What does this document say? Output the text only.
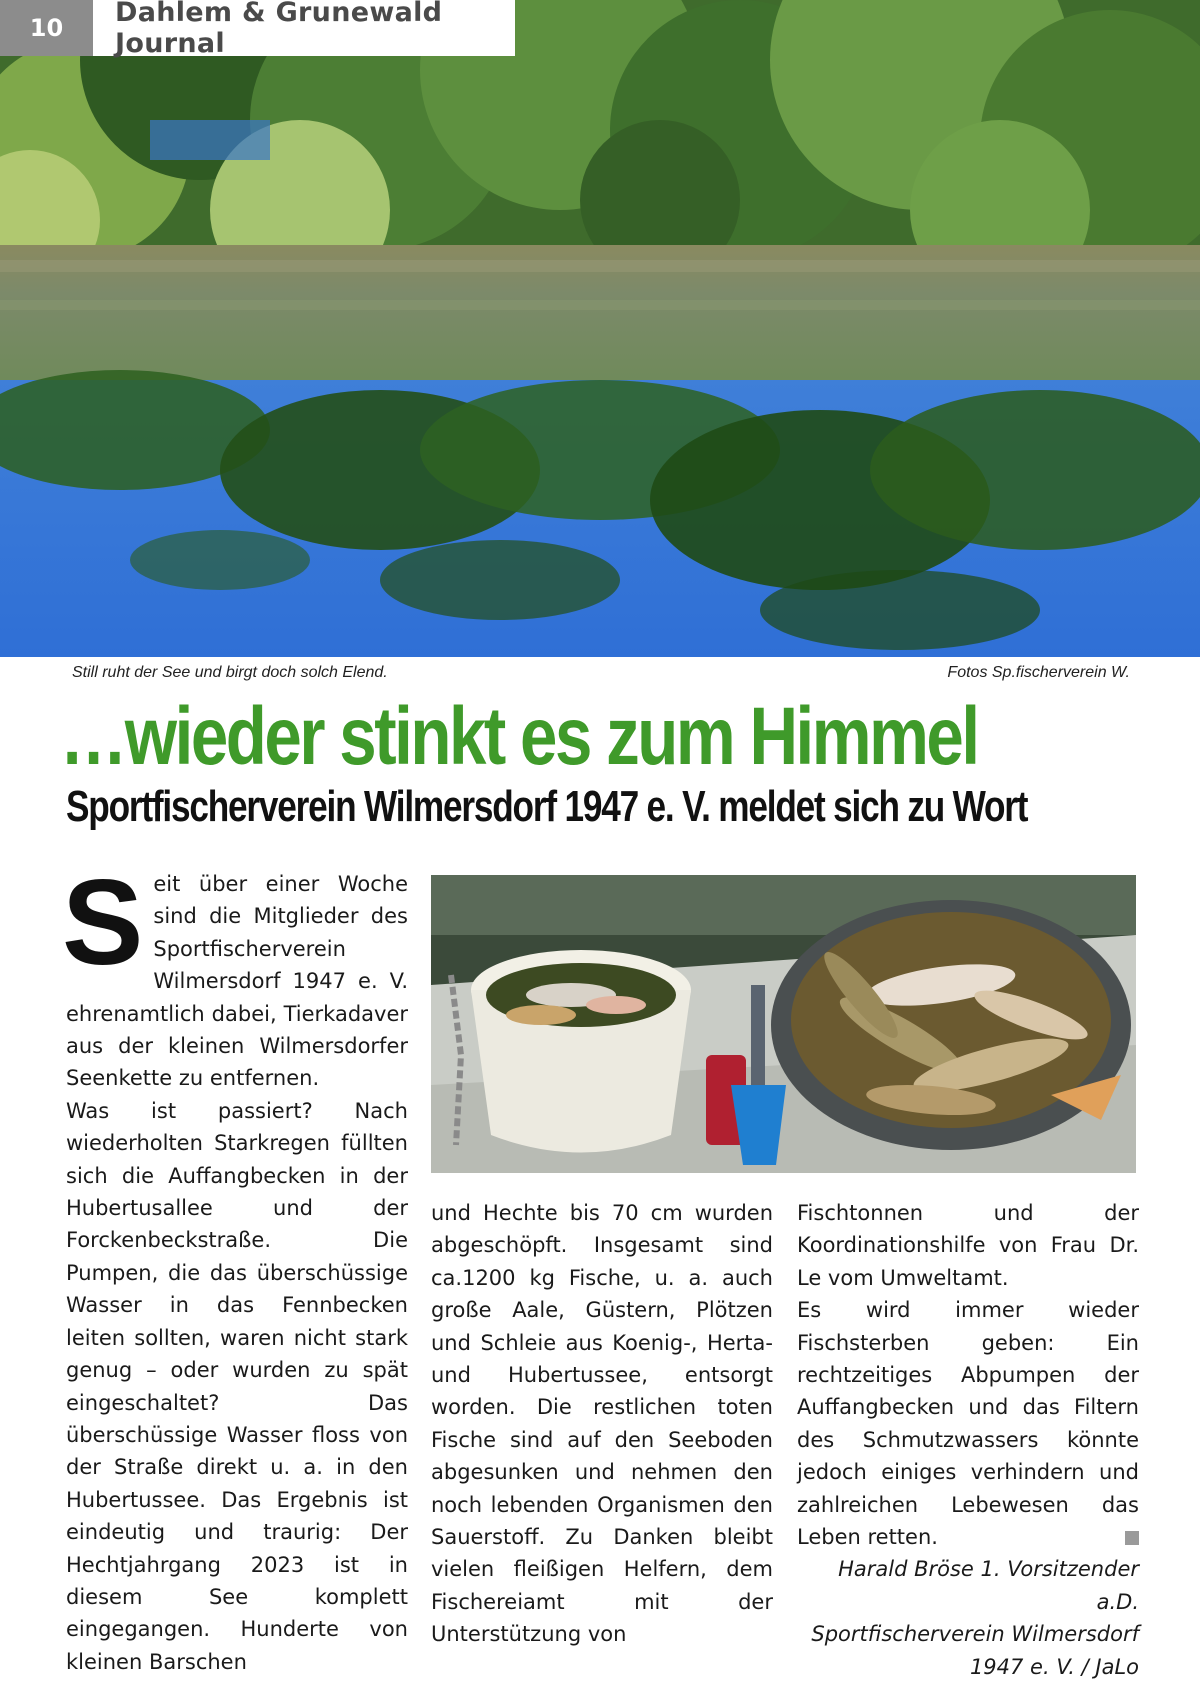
10	Dahlem & Grunewald Journal
Still ruht der See und birgt doch solch Elend.	Fotos Sp.fischerverein W.
…wieder stinkt es zum Himmel
Sportfischerverein Wilmersdorf 1947 e. V. meldet sich zu Wort

Seit über einer Woche sind die Mitglieder des Sportfischerverein Wilmersdorf 1947 e. V. ehrenamtlich dabei, Tierkadaver aus der kleinen Wilmersdorfer Seenkette zu entfernen.

Was ist passiert? Nach wiederholten Starkregen füllten sich die Auffangbecken in der Hubertusallee und der Forckenbeckstraße. Die Pumpen, die das überschüssige Wasser in das Fennbecken leiten sollten, waren nicht stark genug – oder wurden zu spät eingeschaltet? Das überschüssige Wasser floss von der Straße direkt u. a. in den Hubertussee. Das Ergebnis ist eindeutig und traurig: Der Hechtjahrgang 2023 ist in diesem See komplett eingegangen. Hunderte von kleinen Barschen

und Hechte bis 70 cm wurden abgeschöpft. Insgesamt sind ca.1200 kg Fische, u. a. auch große Aale, Güstern, Plötzen und Schleie aus Koenig-, Herta- und Hubertussee, entsorgt worden. Die restlichen toten Fische sind auf den Seeboden abgesunken und nehmen den noch lebenden Organismen den Sauerstoff. Zu Danken bleibt vielen fleißigen Helfern, dem Fischereiamt mit der Unterstützung von

Fischtonnen und der Koordinationshilfe von Frau Dr. Le vom Umweltamt.

Es wird immer wieder Fischsterben geben: Ein rechtzeitiges Abpumpen der Auffangbecken und das Filtern des Schmutzwassers könnte jedoch einiges verhindern und zahlreichen Lebewesen das Leben retten.

Harald Bröse 1. Vorsitzender a.D.
Sportfischerverein Wilmersdorf
1947 e. V. / JaLo
